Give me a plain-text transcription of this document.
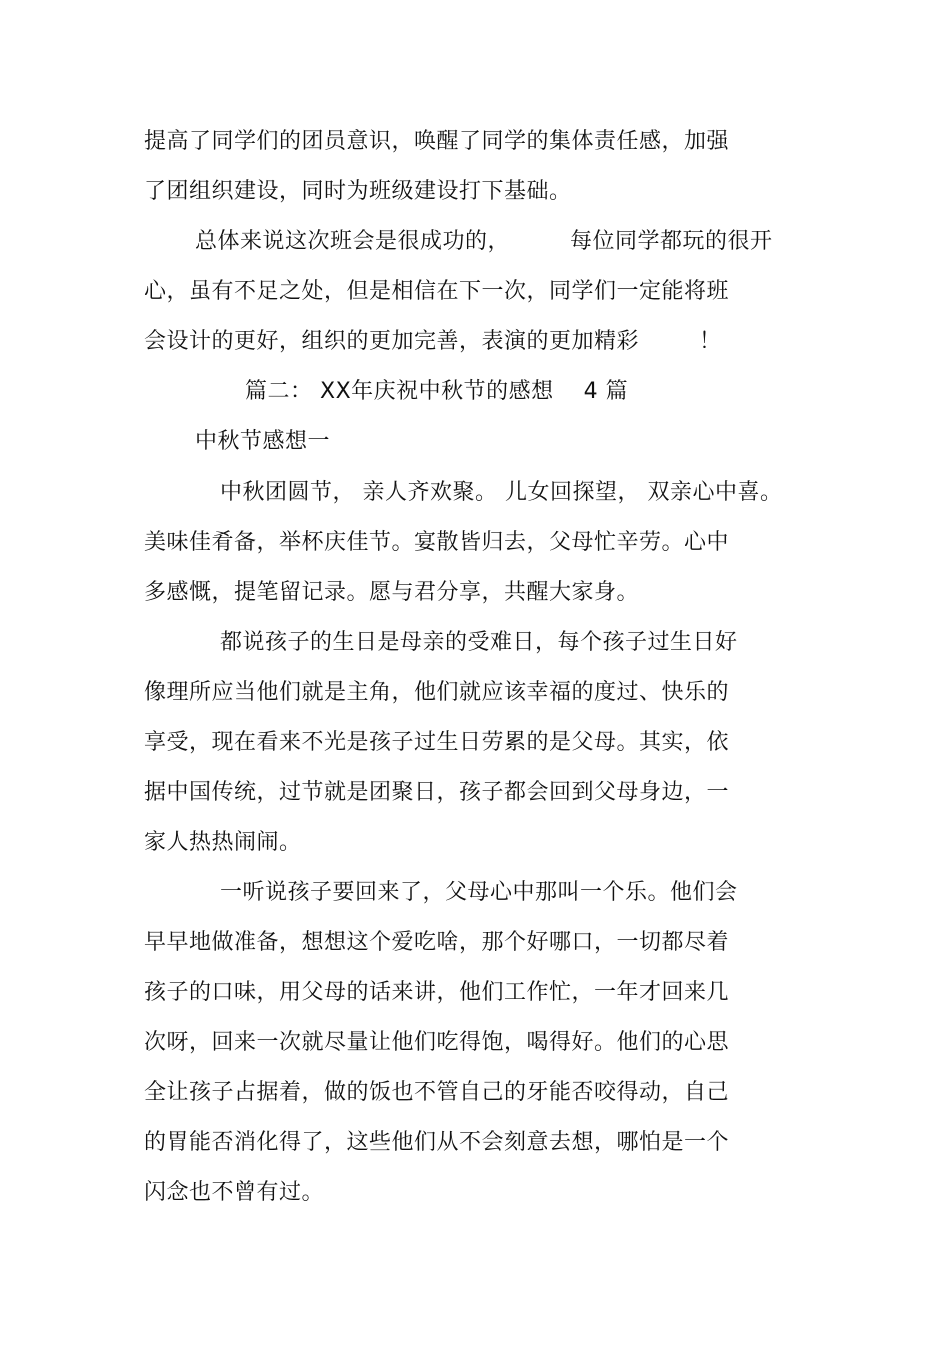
提高了同学们的团员意识，唤醒了同学的集体责任感，加强
了团组织建设，同时为班级建设打下基础。
总体来说这次班会是很成功的，        每位同学都玩的很开
心，虽有不足之处，但是相信在下一次，同学们一定能将班
会设计的更好，组织的更加完善，表演的更加精彩        ！
篇二： XX年庆祝中秋节的感想    4 篇
中秋节感想一
中秋团圆节， 亲人齐欢聚。 儿女回探望， 双亲心中喜。
美味佳肴备，举杯庆佳节。宴散皆归去，父母忙辛劳。心中
多感慨，提笔留记录。愿与君分享，共醒大家身。
都说孩子的生日是母亲的受难日，每个孩子过生日好
像理所应当他们就是主角，他们就应该幸福的度过、快乐的
享受，现在看来不光是孩子过生日劳累的是父母。其实，依
据中国传统，过节就是团聚日，孩子都会回到父母身边，一
家人热热闹闹。
一听说孩子要回来了，父母心中那叫一个乐。他们会
早早地做准备，想想这个爱吃啥，那个好哪口，一切都尽着
孩子的口味，用父母的话来讲，他们工作忙，一年才回来几
次呀，回来一次就尽量让他们吃得饱，喝得好。他们的心思
全让孩子占据着，做的饭也不管自己的牙能否咬得动，自己
的胃能否消化得了，这些他们从不会刻意去想，哪怕是一个
闪念也不曾有过。
